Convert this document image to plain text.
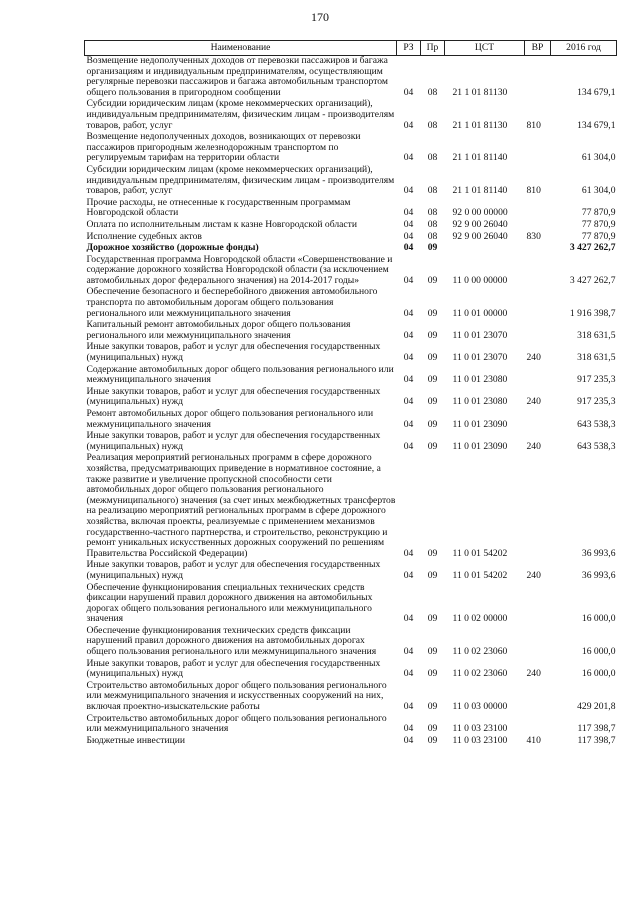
170
Наименование	РЗ	Пр	ЦСТ	ВР	2016 год
Возмещение недополученных доходов от перевозки пассажиров и багажа организациям и индивидуальным предпринимателям, осуществляющим регулярные перевозки пассажиров и багажа автомобильным транспортом общего пользования в пригородном сообщении	04	08	21 1 01 81130		134 679,1
Субсидии юридическим лицам (кроме некоммерческих организаций), индивидуальным предпринимателям, физическим лицам - производителям товаров, работ, услуг	04	08	21 1 01 81130	810	134 679,1
Возмещение недополученных доходов, возникающих от перевозки пассажиров пригородным железнодорожным транспортом по регулируемым тарифам на территории области	04	08	21 1 01 81140		61 304,0
Субсидии юридическим лицам (кроме некоммерческих организаций), индивидуальным предпринимателям, физическим лицам - производителям товаров, работ, услуг	04	08	21 1 01 81140	810	61 304,0
Прочие расходы, не отнесенные к государственным программам Новгородской области	04	08	92 0 00 00000		77 870,9
Оплата по исполнительным листам к казне Новгородской области	04	08	92 9 00 26040		77 870,9
Исполнение судебных актов	04	08	92 9 00 26040	830	77 870,9
Дорожное хозяйство (дорожные фонды)	04	09			3 427 262,7
Государственная программа Новгородской области «Совершенствование и содержание дорожного хозяйства Новгородской области (за исключением автомобильных дорог федерального значения) на 2014-2017 годы»	04	09	11 0 00 00000		3 427 262,7
Обеспечение безопасного и бесперебойного движения автомобильного транспорта по автомобильным дорогам общего пользования регионального или межмуниципального значения	04	09	11 0 01 00000		1 916 398,7
Капитальный ремонт автомобильных дорог общего пользования регионального или межмуниципального значения	04	09	11 0 01 23070		318 631,5
Иные закупки товаров, работ и услуг для обеспечения государственных (муниципальных) нужд	04	09	11 0 01 23070	240	318 631,5
Содержание автомобильных дорог общего пользования регионального или межмуниципального значения	04	09	11 0 01 23080		917 235,3
Иные закупки товаров, работ и услуг для обеспечения государственных (муниципальных) нужд	04	09	11 0 01 23080	240	917 235,3
Ремонт автомобильных дорог общего пользования регионального или межмуниципального значения	04	09	11 0 01 23090		643 538,3
Иные закупки товаров, работ и услуг для обеспечения государственных (муниципальных) нужд	04	09	11 0 01 23090	240	643 538,3
Реализация мероприятий региональных программ в сфере дорожного хозяйства, предусматривающих приведение в нормативное состояние, а также развитие и увеличение пропускной способности сети автомобильных дорог общего пользования регионального (межмуниципального) значения (за счет иных межбюджетных трансфертов на реализацию мероприятий региональных программ в сфере дорожного хозяйства, включая проекты, реализуемые с применением механизмов государственно-частного партнерства, и строительство, реконструкцию и ремонт уникальных искусственных дорожных сооружений по решениям Правительства Российской Федерации)	04	09	11 0 01 54202		36 993,6
Иные закупки товаров, работ и услуг для обеспечения государственных (муниципальных) нужд	04	09	11 0 01 54202	240	36 993,6
Обеспечение функционирования специальных технических средств фиксации нарушений правил дорожного движения на автомобильных дорогах общего пользования регионального или межмуниципального значения	04	09	11 0 02 00000		16 000,0
Обеспечение функционирования технических средств фиксации нарушений правил дорожного движения на автомобильных дорогах общего пользования регионального или межмуниципального значения	04	09	11 0 02 23060		16 000,0
Иные закупки товаров, работ и услуг для обеспечения государственных (муниципальных) нужд	04	09	11 0 02 23060	240	16 000,0
Строительство автомобильных дорог общего пользования регионального или межмуниципального значения и искусственных сооружений на них, включая проектно-изыскательские работы	04	09	11 0 03 00000		429 201,8
Строительство автомобильных дорог общего пользования регионального или межмуниципального значения	04	09	11 0 03 23100		117 398,7
Бюджетные инвестиции	04	09	11 0 03 23100	410	117 398,7
